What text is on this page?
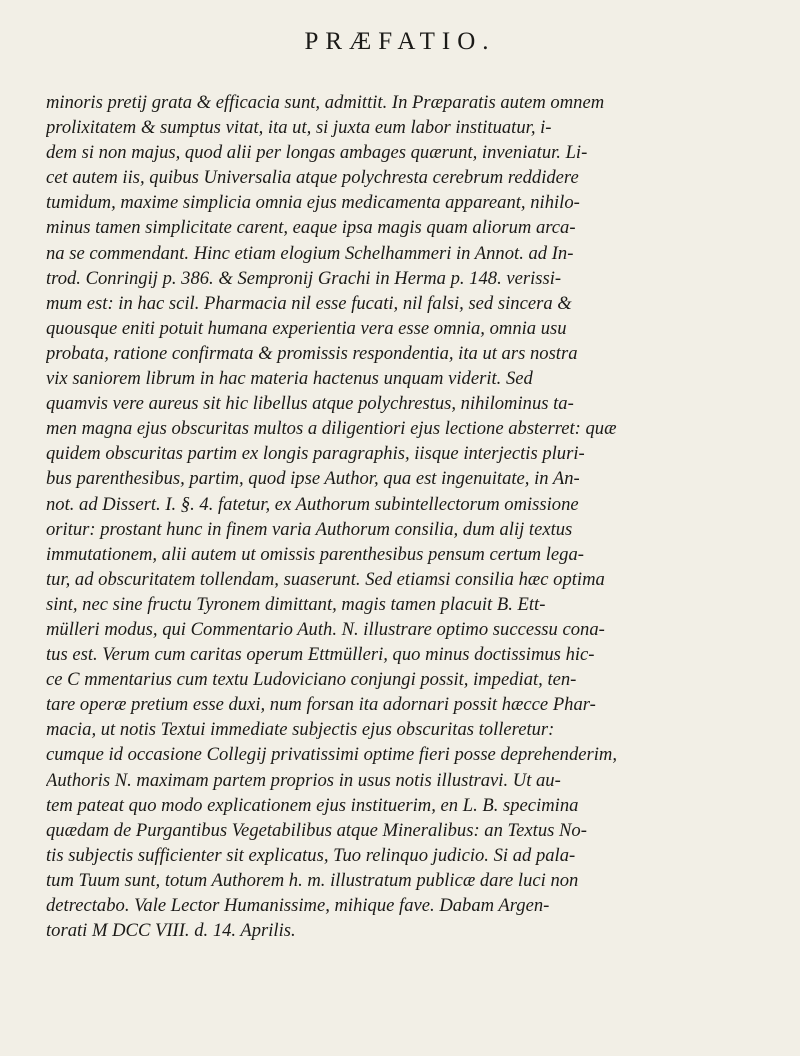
PRÆFATIO.
minoris pretij grata & efficacia sunt, admittit. In Præparatis autem omnem
prolixitatem & sumptus vitat, ita ut, si juxta eum labor instituatur, i-
dem si non majus, quod alii per longas ambages quærunt, inveniatur. Li-
cet autem iis, quibus Universalia atque polychresta cerebrum reddidere
tumidum, maxime simplicia omnia ejus medicamenta appareant, nihilo-
minus tamen simplicitate carent, eaque ipsa magis quam aliorum arca-
na se commendant. Hinc etiam elogium Schelhammeri in Annot. ad In-
trod. Conringij p. 386. & Sempronij Grachi in Herma p. 148. verissi-
mum est: in hac scil. Pharmacia nil esse fucati, nil falsi, sed sincera &
quousque eniti potuit humana experientia vera esse omnia, omnia usu
probata, ratione confirmata & promissis respondentia, ita ut ars nostra
vix saniorem librum in hac materia hactenus unquam viderit. Sed
quamvis vere aureus sit hic libellus atque polychrestus, nihilominus ta-
men magna ejus obscuritas multos a diligentiori ejus lectione absterret: quæ
quidem obscuritas partim ex longis paragraphis, iisque interjectis pluri-
bus parenthesibus, partim, quod ipse Author, qua est ingenuitate, in An-
not. ad Dissert. I. §. 4. fatetur, ex Authorum subintellectorum omissione
oritur: prostant hunc in finem varia Authorum consilia, dum alij textus
immutationem, alii autem ut omissis parenthesibus pensum certum lega-
tur, ad obscuritatem tollendam, suaserunt. Sed etiamsi consilia hæc optima
sint, nec sine fructu Tyronem dimittant, magis tamen placuit B. Ett-
mülleri modus, qui Commentario Auth. N. illustrare optimo successu cona-
tus est. Verum cum caritas operum Ettmülleri, quo minus doctissimus hic-
ce C mmentarius cum textu Ludoviciano conjungi possit, impediat, ten-
tare operæ pretium esse duxi, num forsan ita adornari possit hæcce Phar-
macia, ut notis Textui immediate subjectis ejus obscuritas tolleretur:
cumque id occasione Collegij privatissimi optime fieri posse deprehenderim,
Authoris N. maximam partem proprios in usus notis illustravi. Ut au-
tem pateat quo modo explicationem ejus instituerim, en L. B. specimina
quædam de Purgantibus Vegetabilibus atque Mineralibus: an Textus No-
tis subjectis sufficienter sit explicatus, Tuo relinquo judicio. Si ad pala-
tum Tuum sunt, totum Authorem h. m. illustratum publicæ dare luci non
detrectabo. Vale Lector Humanissime, mihique fave. Dabam Argen-
torati M DCC VIII. d. 14. Aprilis.
